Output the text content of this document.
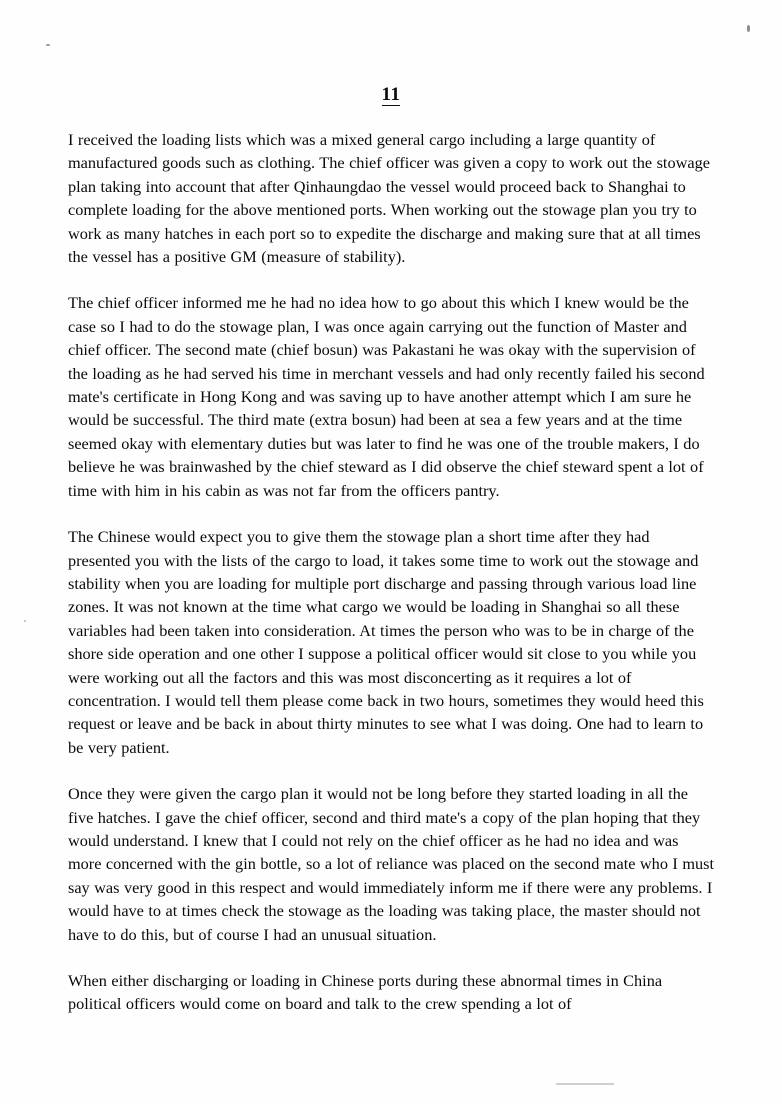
11

I received the loading lists which was a mixed general cargo including a large quantity of manufactured goods such as clothing. The chief officer was given a copy to work out the stowage plan taking into account that after Qinhaungdao the vessel would proceed back to Shanghai to complete loading for the above mentioned ports. When working out the stowage plan you try to work as many hatches in each port so to expedite the discharge and making sure that at all times the vessel has a positive GM (measure of stability).

The chief officer informed me he had no idea how to go about this which I knew would be the case so I had to do the stowage plan, I was once again carrying out the function of Master and chief officer. The second mate (chief bosun) was Pakastani he was okay with the supervision of the loading as he had served his time in merchant vessels and had only recently failed his second mate's certificate in Hong Kong and was saving up to have another attempt which I am sure he would be successful. The third mate (extra bosun) had been at sea a few years and at the time seemed okay with elementary duties but was later to find he was one of the trouble makers, I do believe he was brainwashed by the chief steward as I did observe the chief steward spent a lot of time with him in his cabin as was not far from the officers pantry.

The Chinese would expect you to give them the stowage plan a short time after they had presented you with the lists of the cargo to load, it takes some time to work out the stowage and stability when you are loading for multiple port discharge and passing through various load line zones. It was not known at the time what cargo we would be loading in Shanghai so all these variables had been taken into consideration. At times the person who was to be in charge of the shore side operation and one other I suppose a political officer would sit close to you while you were working out all the factors and this was most disconcerting as it requires a lot of concentration. I would tell them please come back in two hours, sometimes they would heed this request or leave and be back in about thirty minutes to see what I was doing. One had to learn to be very patient.

Once they were given the cargo plan it would not be long before they started loading in all the five hatches. I gave the chief officer, second and third mate's a copy of the plan hoping that they would understand. I knew that I could not rely on the chief officer as he had no idea and was more concerned with the gin bottle, so a lot of reliance was placed on the second mate who I must say was very good in this respect and would immediately inform me if there were any problems. I would have to at times check the stowage as the loading was taking place, the master should not have to do this, but of course I had an unusual situation.

When either discharging or loading in Chinese ports during these abnormal times in China political officers would come on board and talk to the crew spending a lot of
